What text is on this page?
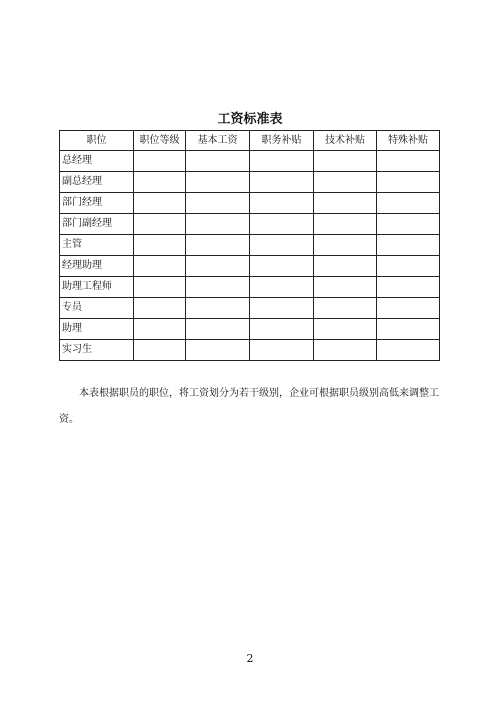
工资标准表
职位	职位等级	基本工资	职务补贴	技术补贴	特殊补贴
总经理					
副总经理					
部门经理					
部门副经理					
主管					
经理助理					
助理工程师					
专员					
助理					
实习生					
本表根据职员的职位，将工资划分为若干级别，企业可根据职员级别高低来调整工资。
2
